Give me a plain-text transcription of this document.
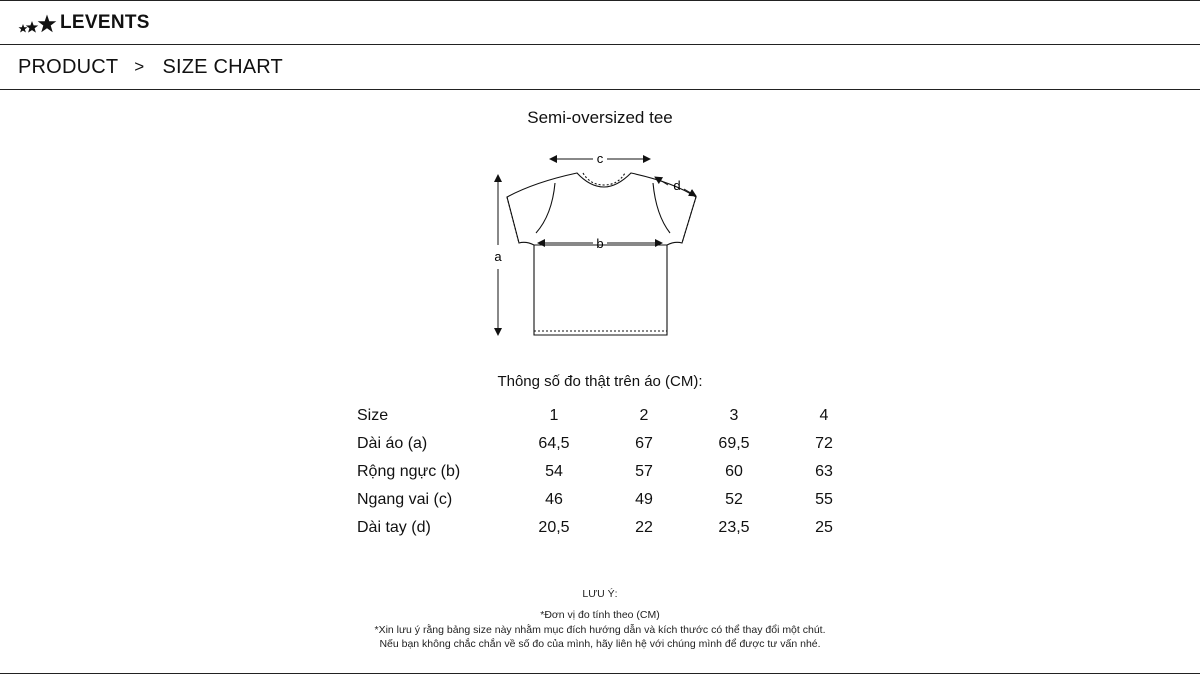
LEVENTS
PRODUCT > SIZE CHART
Semi-oversized tee
c
b
a
d
Thông số đo thật trên áo (CM):
Size	1	2	3	4
Dài áo (a)	64,5	67	69,5	72
Rộng ngực (b)	54	57	60	63
Ngang vai (c)	46	49	52	55
Dài tay (d)	20,5	22	23,5	25
LƯU Ý:
*Đơn vị đo tính theo (CM)
*Xin lưu ý rằng bảng size này nhằm mục đích hướng dẫn và kích thước có thể thay đổi một chút.
Nếu bạn không chắc chắn về số đo của mình, hãy liên hệ với chúng mình để được tư vấn nhé.
